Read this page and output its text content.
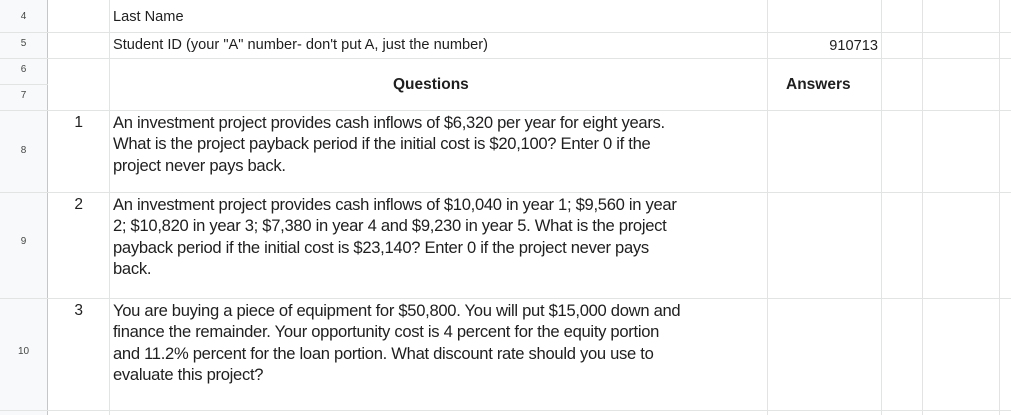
4
5
6
7
8
9
10
Last Name
Student ID (your "A" number- don't put A, just the number)	910713
Questions	Answers
1 An investment project provides cash inflows of $6,320 per year for eight years.
What is the project payback period if the initial cost is $20,100? Enter 0 if the
project never pays back.
2 An investment project provides cash inflows of $10,040 in year 1; $9,560 in year
2; $10,820 in year 3; $7,380 in year 4 and $9,230 in year 5. What is the project
payback period if the initial cost is $23,140? Enter 0 if the project never pays
back.
3 You are buying a piece of equipment for $50,800. You will put $15,000 down and
finance the remainder. Your opportunity cost is 4 percent for the equity portion
and 11.2% percent for the loan portion. What discount rate should you use to
evaluate this project?
